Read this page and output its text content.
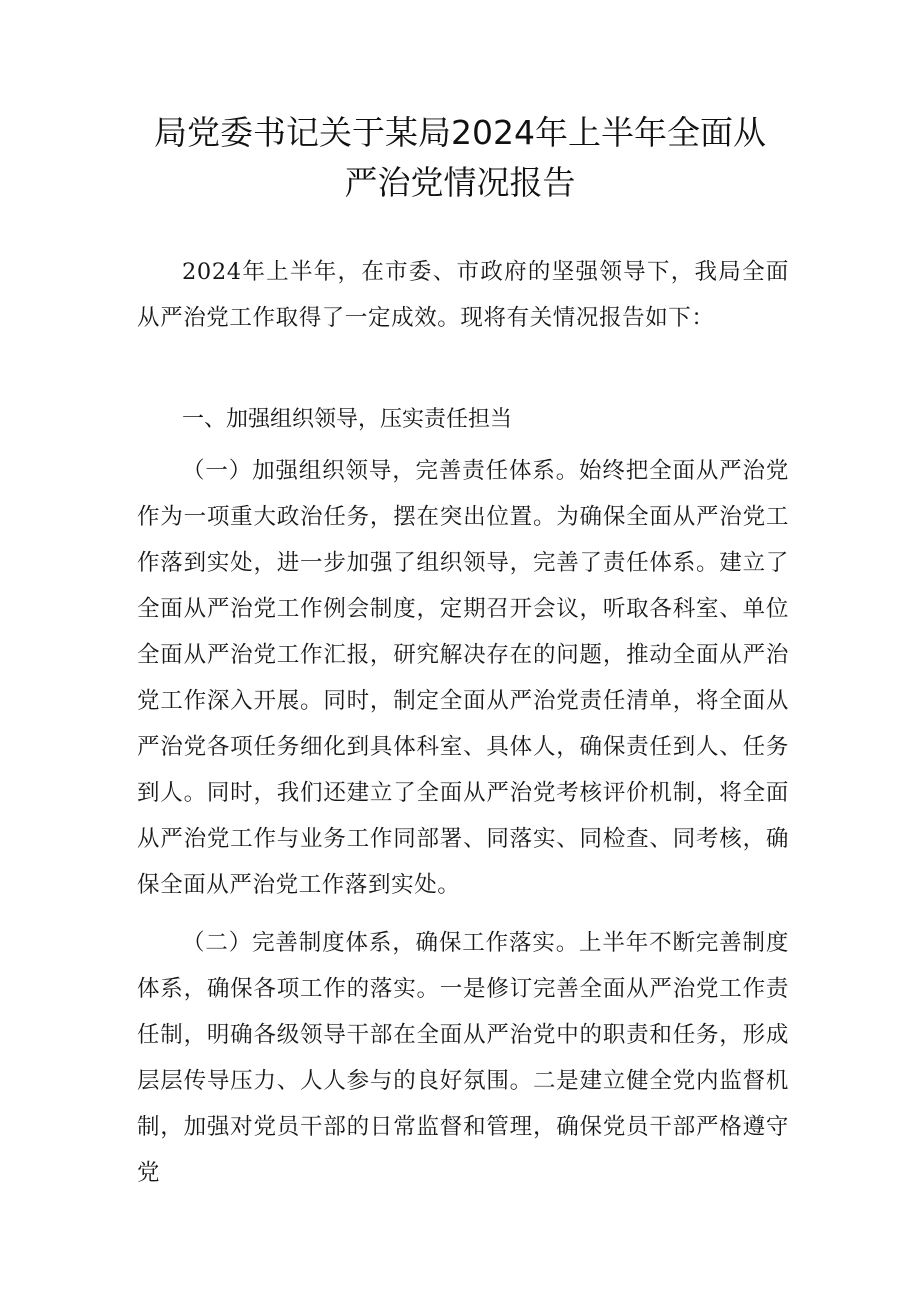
局党委书记关于某局2024年上半年全面从
严治党情况报告

2024年上半年，在市委、市政府的坚强领导下，我局全面从严治党工作取得了一定成效。现将有关情况报告如下：

一、加强组织领导，压实责任担当

（一）加强组织领导，完善责任体系。始终把全面从严治党作为一项重大政治任务，摆在突出位置。为确保全面从严治党工作落到实处，进一步加强了组织领导，完善了责任体系。建立了全面从严治党工作例会制度，定期召开会议，听取各科室、单位全面从严治党工作汇报，研究解决存在的问题，推动全面从严治党工作深入开展。同时，制定全面从严治党责任清单，将全面从严治党各项任务细化到具体科室、具体人，确保责任到人、任务到人。同时，我们还建立了全面从严治党考核评价机制，将全面从严治党工作与业务工作同部署、同落实、同检查、同考核，确保全面从严治党工作落到实处。

（二）完善制度体系，确保工作落实。上半年不断完善制度体系，确保各项工作的落实。一是修订完善全面从严治党工作责任制，明确各级领导干部在全面从严治党中的职责和任务，形成层层传导压力、人人参与的良好氛围。二是建立健全党内监督机制，加强对党员干部的日常监督和管理，确保党员干部严格遵守党
